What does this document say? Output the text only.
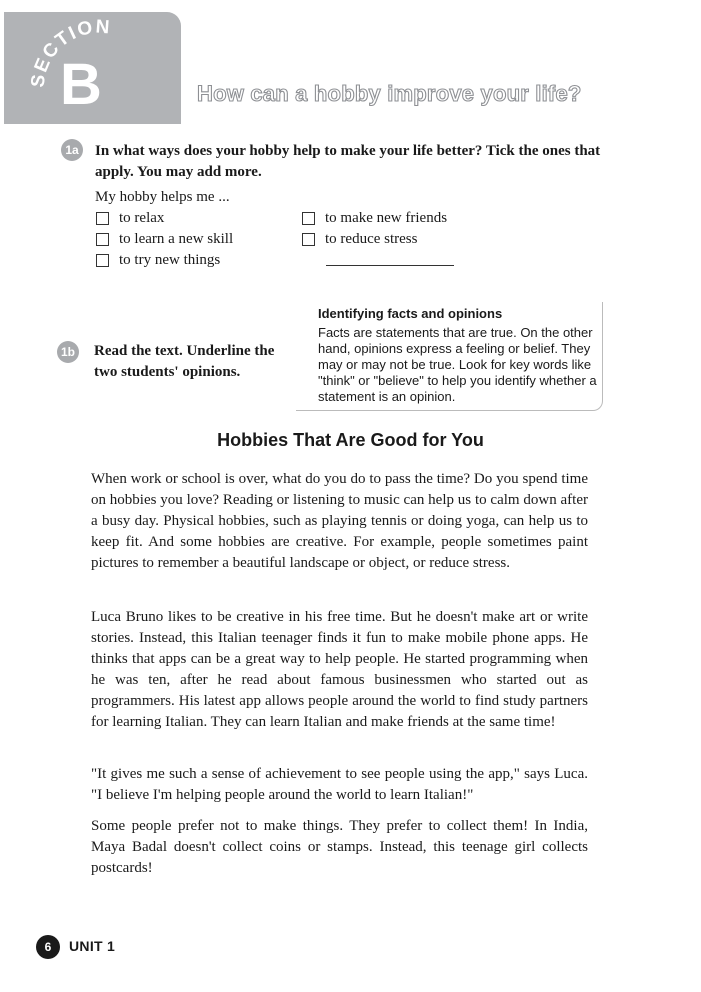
SECTION
B	How can a hobby improve your life?
1a In what ways does your hobby help to make your life better? Tick the ones that apply. You may add more.
My hobby helps me ...
to relax
to learn a new skill
to try new things
to make new friends
to reduce stress
Identifying facts and opinions
Facts are statements that are true. On the other hand, opinions express a feeling or belief. They may or may not be true. Look for key words like "think" or "believe" to help you identify whether a statement is an opinion.
1b Read the text. Underline the two students' opinions.
Hobbies That Are Good for You
When work or school is over, what do you do to pass the time? Do you spend time on hobbies you love? Reading or listening to music can help us to calm down after a busy day. Physical hobbies, such as playing tennis or doing yoga, can help us to keep fit. And some hobbies are creative. For example, people sometimes paint pictures to remember a beautiful landscape or object, or reduce stress.
Luca Bruno likes to be creative in his free time. But he doesn't make art or write stories. Instead, this Italian teenager finds it fun to make mobile phone apps. He thinks that apps can be a great way to help people. He started programming when he was ten, after he read about famous businessmen who started out as programmers. His latest app allows people around the world to find study partners for learning Italian. They can learn Italian and make friends at the same time!
"It gives me such a sense of achievement to see people using the app," says Luca. "I believe I'm helping people around the world to learn Italian!"
Some people prefer not to make things. They prefer to collect them! In India, Maya Badal doesn't collect coins or stamps. Instead, this teenage girl collects postcards!
6	UNIT 1
